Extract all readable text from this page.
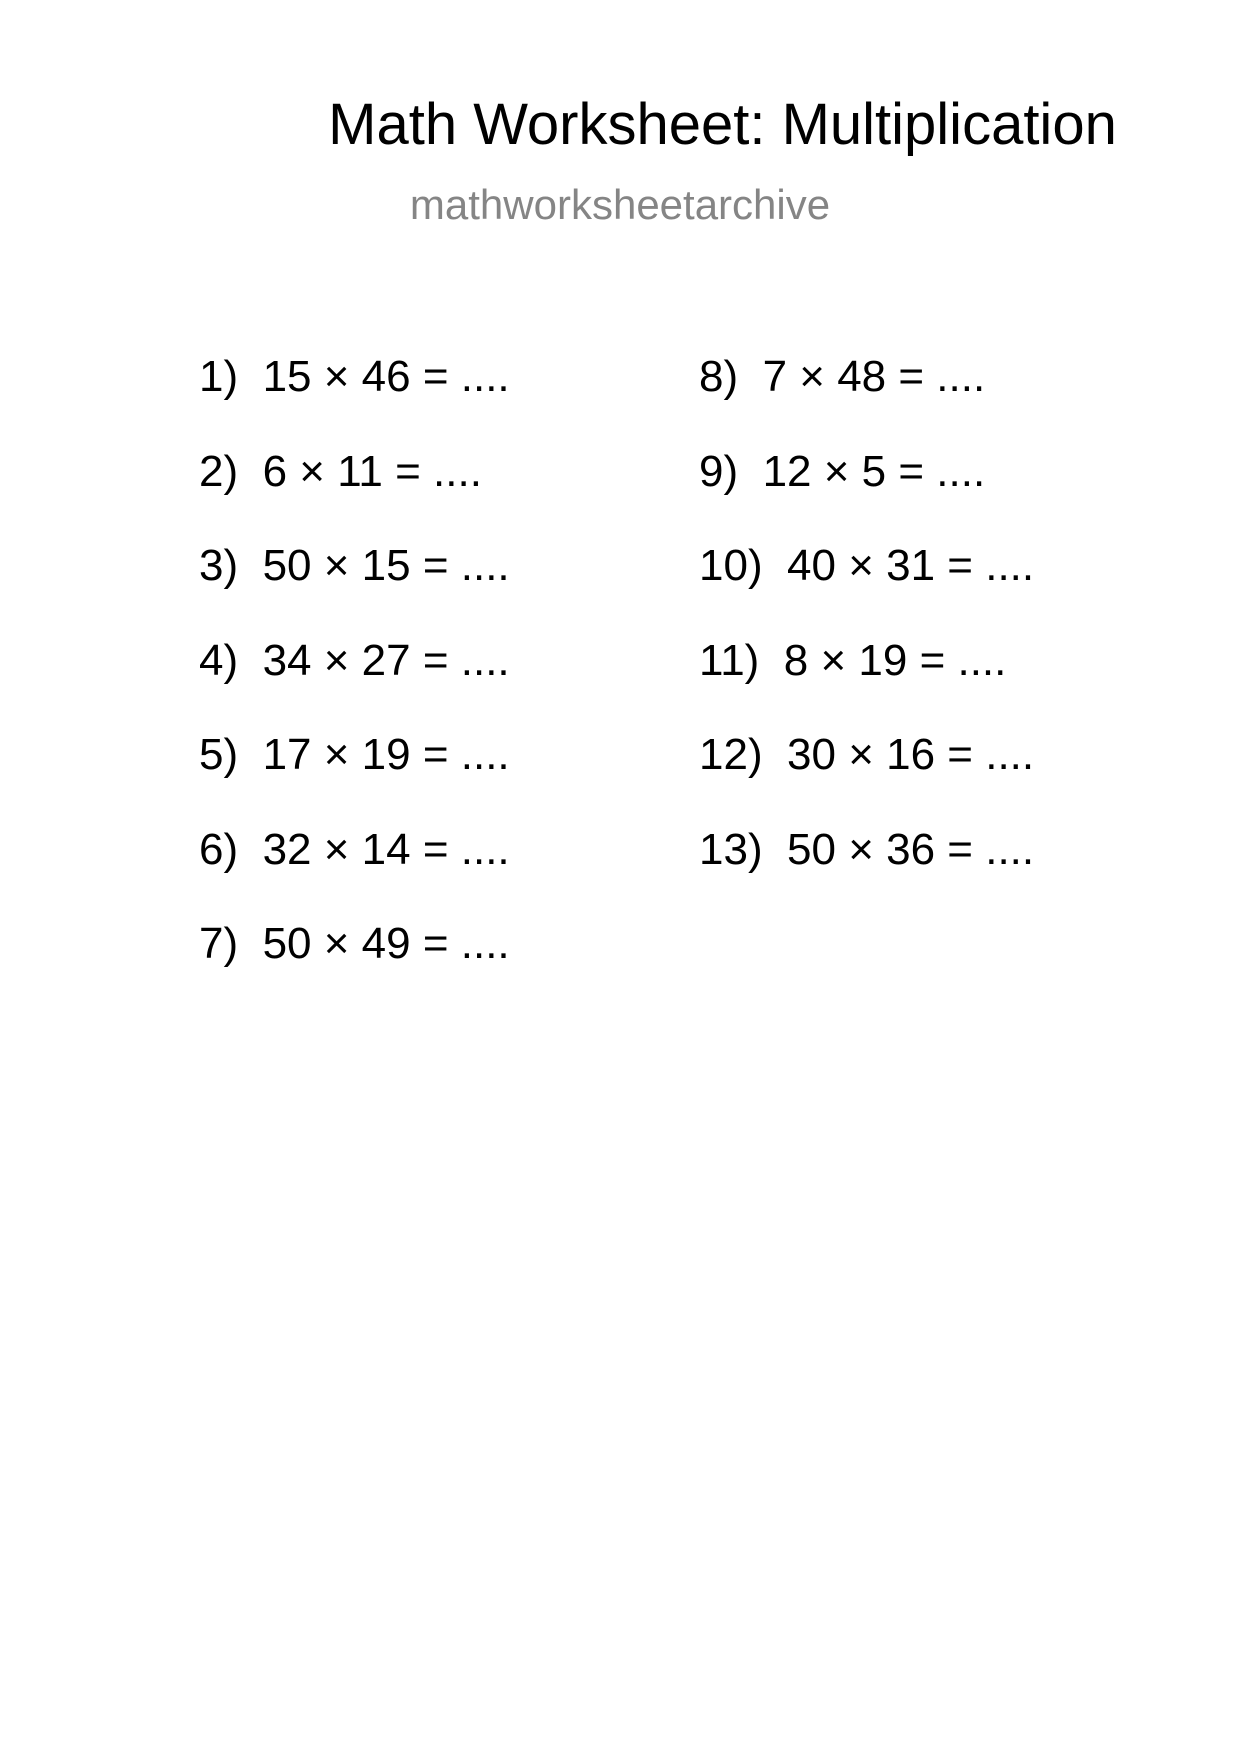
Math Worksheet: Multiplication
mathworksheetarchive
1) 15 × 46 = ....
2) 6 × 11 = ....
3) 50 × 15 = ....
4) 34 × 27 = ....
5) 17 × 19 = ....
6) 32 × 14 = ....
7) 50 × 49 = ....
8) 7 × 48 = ....
9) 12 × 5 = ....
10) 40 × 31 = ....
11) 8 × 19 = ....
12) 30 × 16 = ....
13) 50 × 36 = ....
